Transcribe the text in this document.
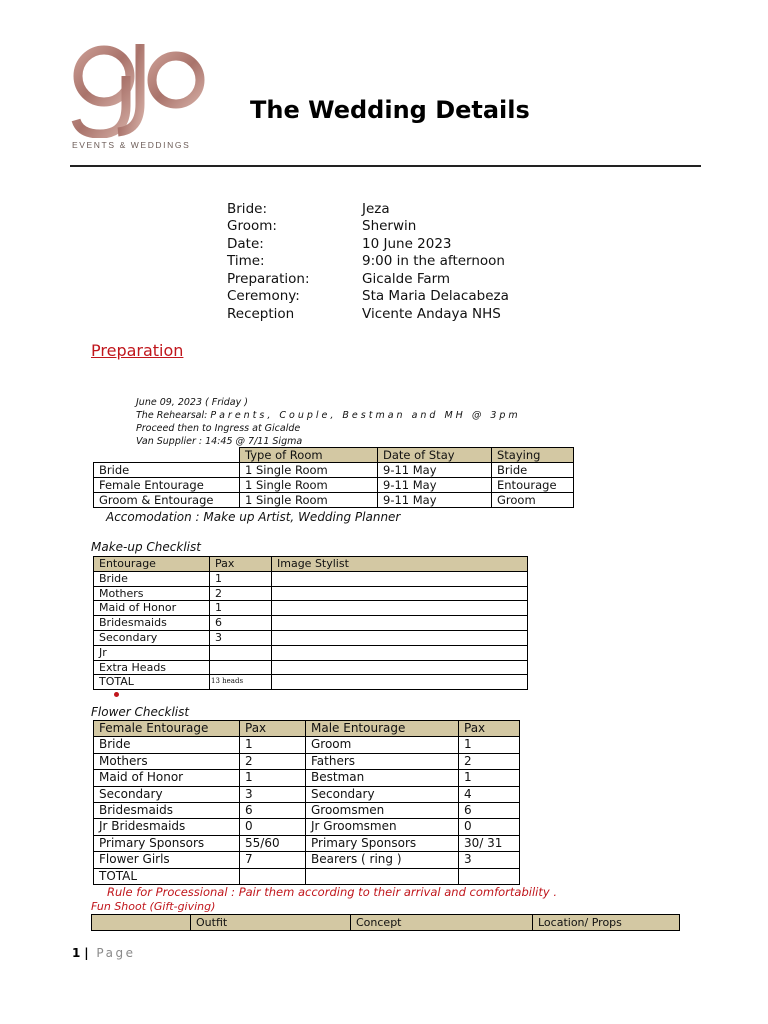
EVENTS & WEDDINGS
The Wedding Details
Bride:	Jeza
Groom:	Sherwin
Date:	10 June 2023
Time:	9:00 in the afternoon
Preparation:	Gicalde Farm
Ceremony:	Sta Maria Delacabeza
Reception	Vicente Andaya NHS
Preparation
June 09, 2023 ( Friday )
The Rehearsal: Parents, Couple, Bestman and MH @ 3pm
Proceed then to Ingress at Gicalde
Van Supplier : 14:45 @ 7/11 Sigma
	Type of Room	Date of Stay	Staying
Bride	1 Single Room	9-11 May	Bride
Female Entourage	1 Single Room	9-11 May	Entourage
Groom & Entourage	1 Single Room	9-11 May	Groom
Accomodation : Make up Artist, Wedding Planner
Make-up Checklist
Entourage	Pax	Image Stylist
Bride	1	
Mothers	2	
Maid of Honor	1	
Bridesmaids	6	
Secondary	3	
Jr		
Extra Heads		
TOTAL	13 heads	
Flower Checklist
Female Entourage	Pax	Male Entourage	Pax
Bride	1	Groom	1
Mothers	2	Fathers	2
Maid of Honor	1	Bestman	1
Secondary	3	Secondary	4
Bridesmaids	6	Groomsmen	6
Jr Bridesmaids	0	Jr Groomsmen	0
Primary Sponsors	55/60	Primary Sponsors	30/ 31
Flower Girls	7	Bearers ( ring )	3
TOTAL			
Rule for Processional : Pair them according to their arrival and comfortability .
Fun Shoot (Gift-giving)
	Outfit	Concept	Location/ Props
1 | Page
